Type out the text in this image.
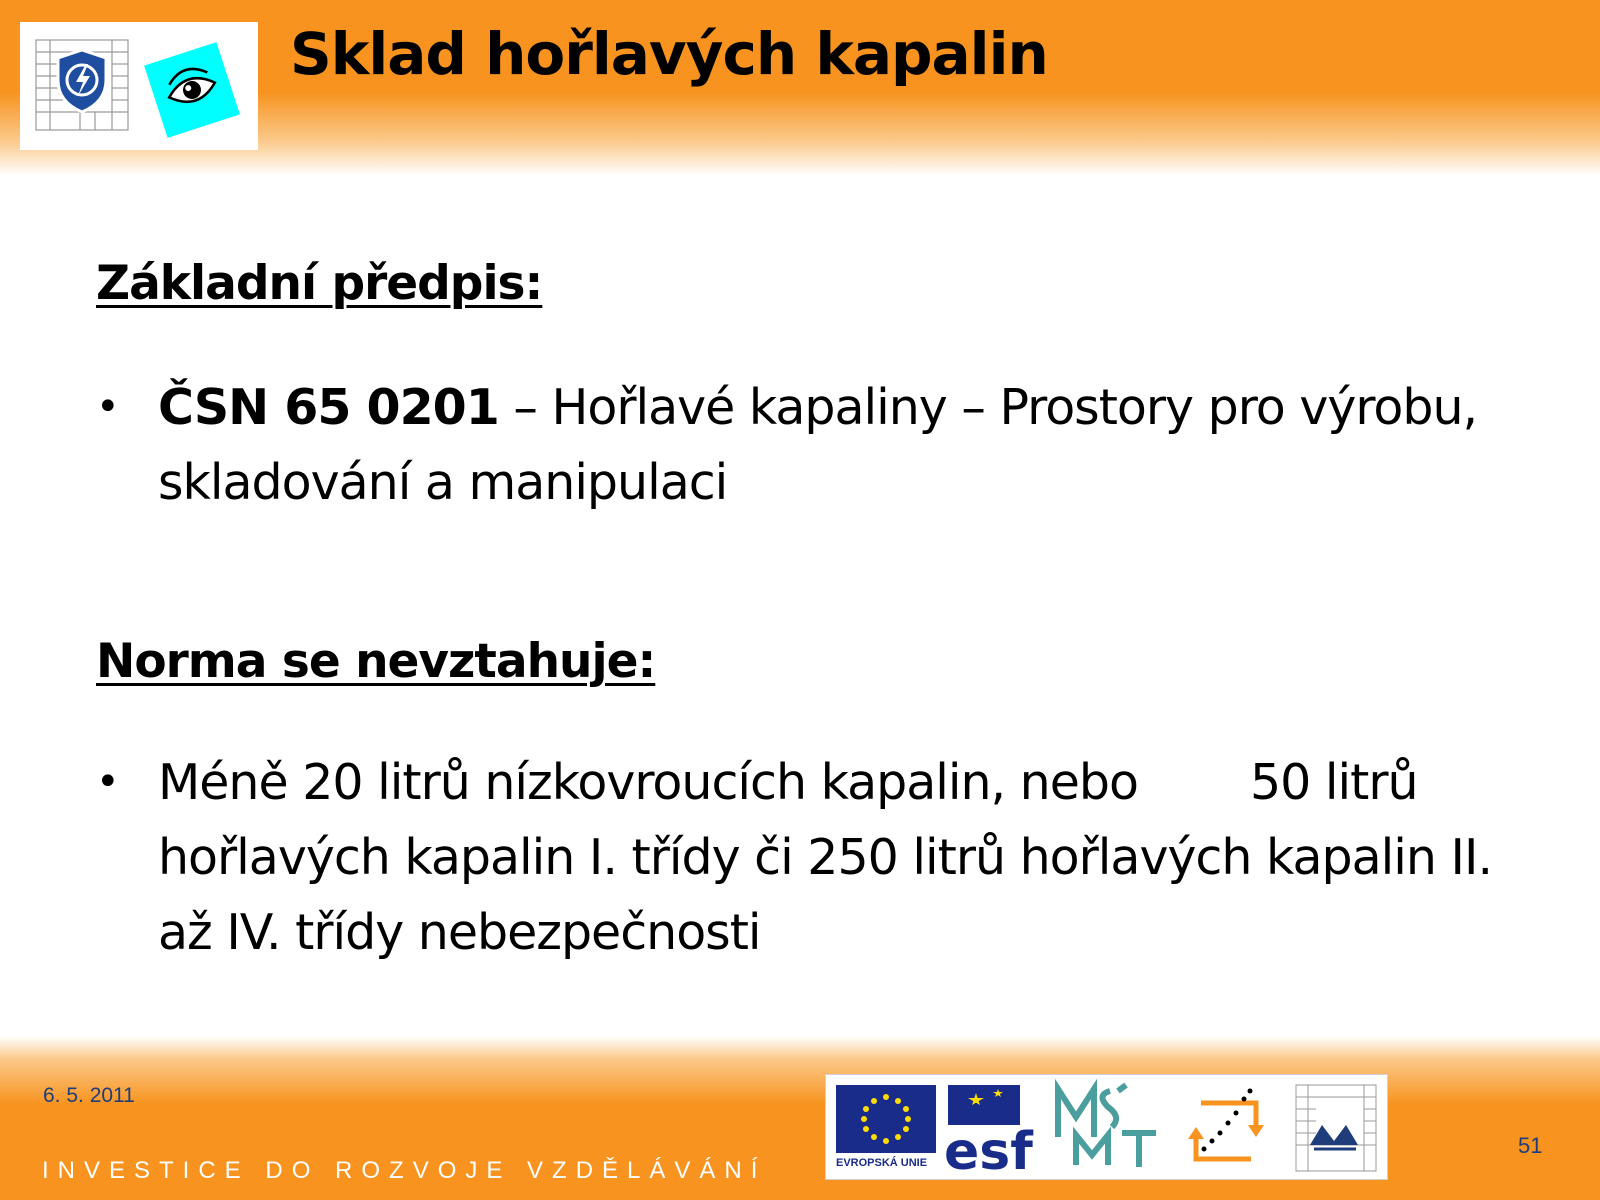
Sklad hořlavých kapalin
Základní předpis:
• ČSN 65 0201 – Hořlavé kapaliny – Prostory pro výrobu, skladování a manipulaci
Norma se nevztahuje:
• Méně 20 litrů nízkovroucích kapalin, nebo 50 litrů hořlavých kapalin I. třídy či 250 litrů hořlavých kapalin II. až IV. třídy nebezpečnosti
6. 5. 2011
esf
EVROPSKÁ UNIE
51
INVESTICE DO ROZVOJE VZDĚLÁVÁNÍ
